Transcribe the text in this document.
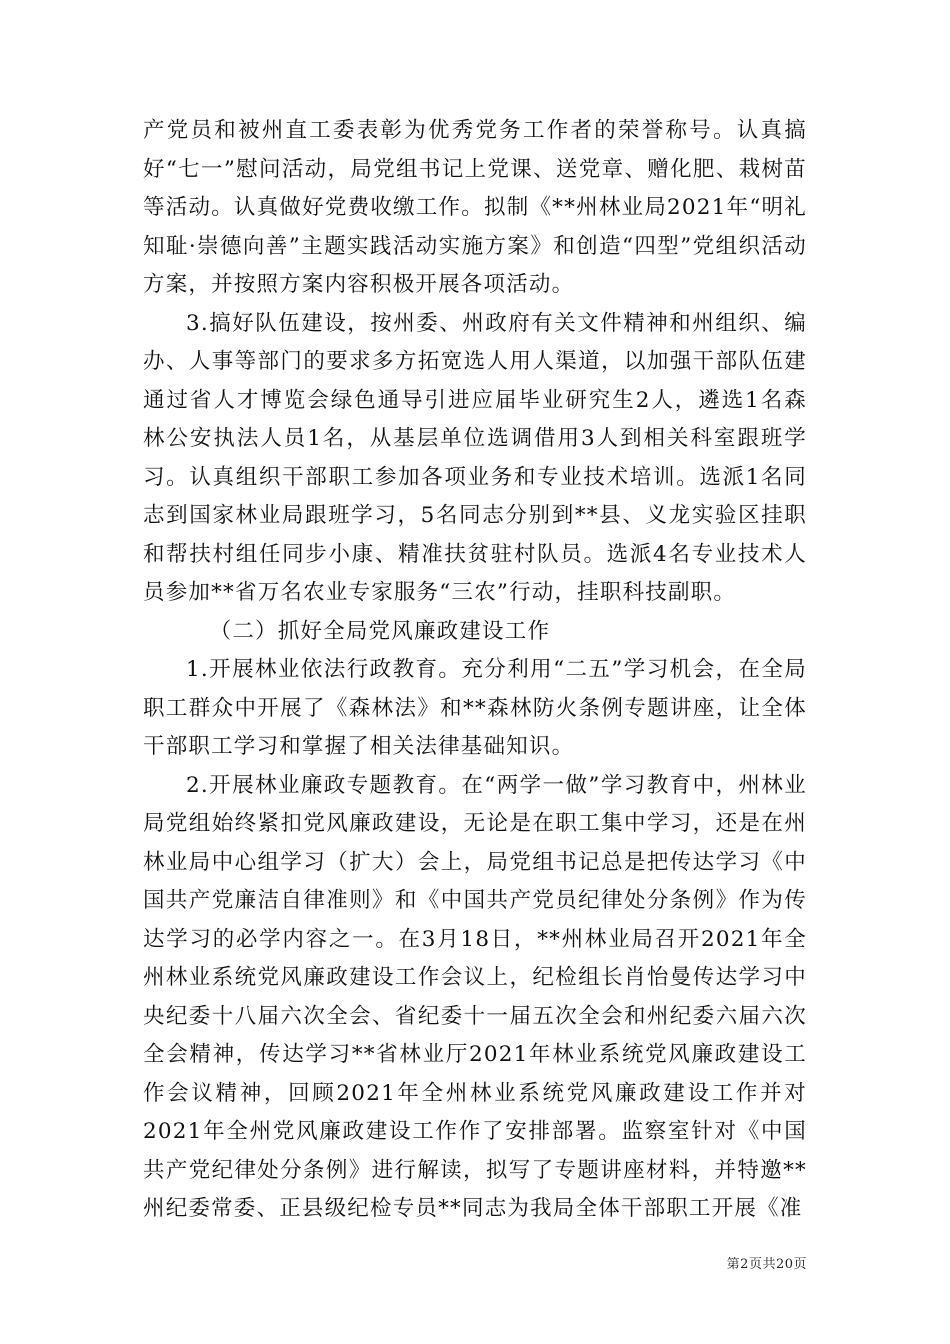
产党员和被州直工委表彰为优秀党务工作者的荣誉称号。认真搞好“七一”慰问活动，局党组书记上党课、送党章、赠化肥、栽树苗等活动。认真做好党费收缴工作。拟制《**州林业局2021年“明礼知耻·崇德向善”主题实践活动实施方案》和创造“四型”党组织活动方案，并按照方案内容积极开展各项活动。

3.搞好队伍建设，按州委、州政府有关文件精神和州组织、编办、人事等部门的要求多方拓宽选人用人渠道，以加强干部队伍建通过省人才博览会绿色通导引进应届毕业研究生2人，遴选1名森林公安执法人员1名，从基层单位选调借用3人到相关科室跟班学习。认真组织干部职工参加各项业务和专业技术培训。选派1名同志到国家林业局跟班学习，5名同志分别到**县、义龙实验区挂职和帮扶村组任同步小康、精准扶贫驻村队员。选派4名专业技术人员参加**省万名农业专家服务“三农”行动，挂职科技副职。

（二）抓好全局党风廉政建设工作

1.开展林业依法行政教育。充分利用“二五”学习机会，在全局职工群众中开展了《森林法》和**森林防火条例专题讲座，让全体干部职工学习和掌握了相关法律基础知识。

2.开展林业廉政专题教育。在“两学一做”学习教育中，州林业局党组始终紧扣党风廉政建设，无论是在职工集中学习，还是在州林业局中心组学习（扩大）会上，局党组书记总是把传达学习《中国共产党廉洁自律准则》和《中国共产党员纪律处分条例》作为传达学习的必学内容之一。在3月18日，**州林业局召开2021年全州林业系统党风廉政建设工作会议上，纪检组长肖怡曼传达学习中央纪委十八届六次全会、省纪委十一届五次全会和州纪委六届六次全会精神，传达学习**省林业厅2021年林业系统党风廉政建设工作会议精神，回顾2021年全州林业系统党风廉政建设工作并对2021年全州党风廉政建设工作作了安排部署。监察室针对《中国共产党纪律处分条例》进行解读，拟写了专题讲座材料，并特邀**州纪委常委、正县级纪检专员**同志为我局全体干部职工开展《准

第2页共20页
